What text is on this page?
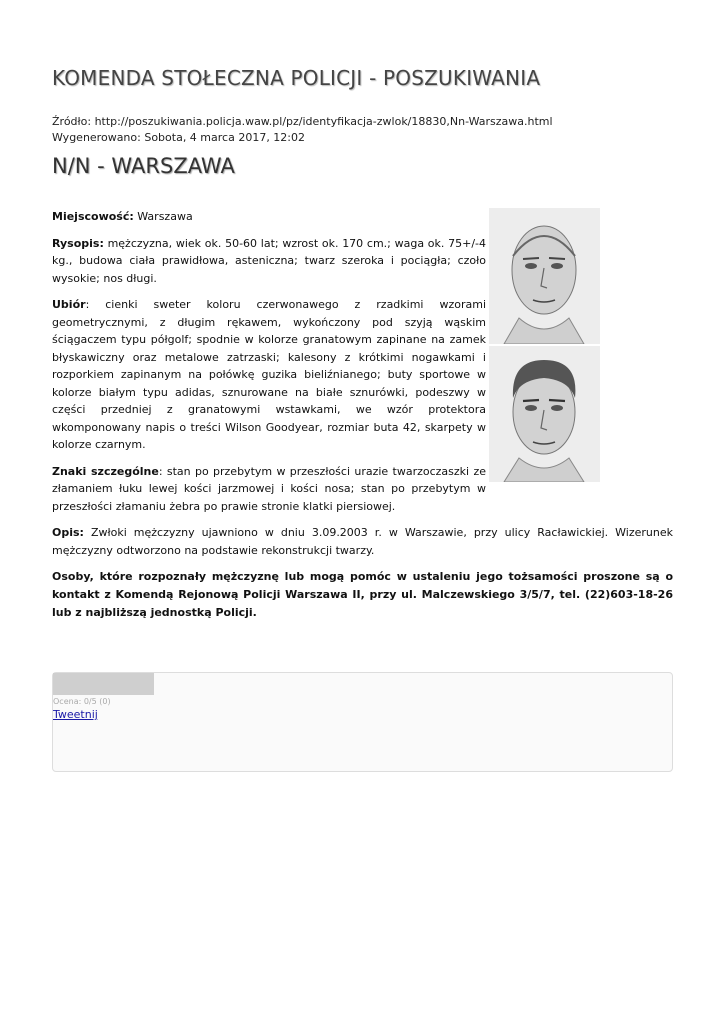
KOMENDA STOŁECZNA POLICJI - POSZUKIWANIA
Źródło: http://poszukiwania.policja.waw.pl/pz/identyfikacja-zwlok/18830,Nn-Warszawa.html
Wygenerowano: Sobota, 4 marca 2017, 12:02
N/N - WARSZAWA

Miejscowość: Warszawa

Rysopis: mężczyzna, wiek ok. 50-60 lat; wzrost ok. 170 cm.; waga ok. 75+/-4 kg., budowa ciała prawidłowa, asteniczna; twarz szeroka i pociągła; czoło wysokie; nos długi.

Ubiór: cienki sweter koloru czerwonawego z rzadkimi wzorami geometrycznymi, z długim rękawem, wykończony pod szyją wąskim ściągaczem typu półgolf; spodnie w kolorze granatowym zapinane na zamek błyskawiczny oraz metalowe zatrzaski; kalesony z krótkimi nogawkami i rozporkiem zapinanym na połówkę guzika bieliźnianego; buty sportowe w kolorze białym typu adidas, sznurowane na białe sznurówki, podeszwy w części przedniej z granatowymi wstawkami, we wzór protektora wkomponowany napis o treści Wilson Goodyear, rozmiar buta 42, skarpety w kolorze czarnym.

Znaki szczególne: stan po przebytym w przeszłości urazie twarzoczaszki ze złamaniem łuku lewej kości jarzmowej i kości nosa; stan po przebytym w przeszłości złamaniu żebra po prawie stronie klatki piersiowej.

Opis: Zwłoki mężczyzny ujawniono w dniu 3.09.2003 r. w Warszawie, przy ulicy Racławickiej. Wizerunek mężczyzny odtworzono na podstawie rekonstrukcji twarzy.

Osoby, które rozpoznały mężczyznę lub mogą pomóc w ustaleniu jego tożsamości proszone są o kontakt z Komendą Rejonową Policji Warszawa II, przy ul. Malczewskiego 3/5/7, tel. (22)603-18-26 lub z najbliższą jednostką Policji.

Ocena: 0/5 (0)
Tweetnij
